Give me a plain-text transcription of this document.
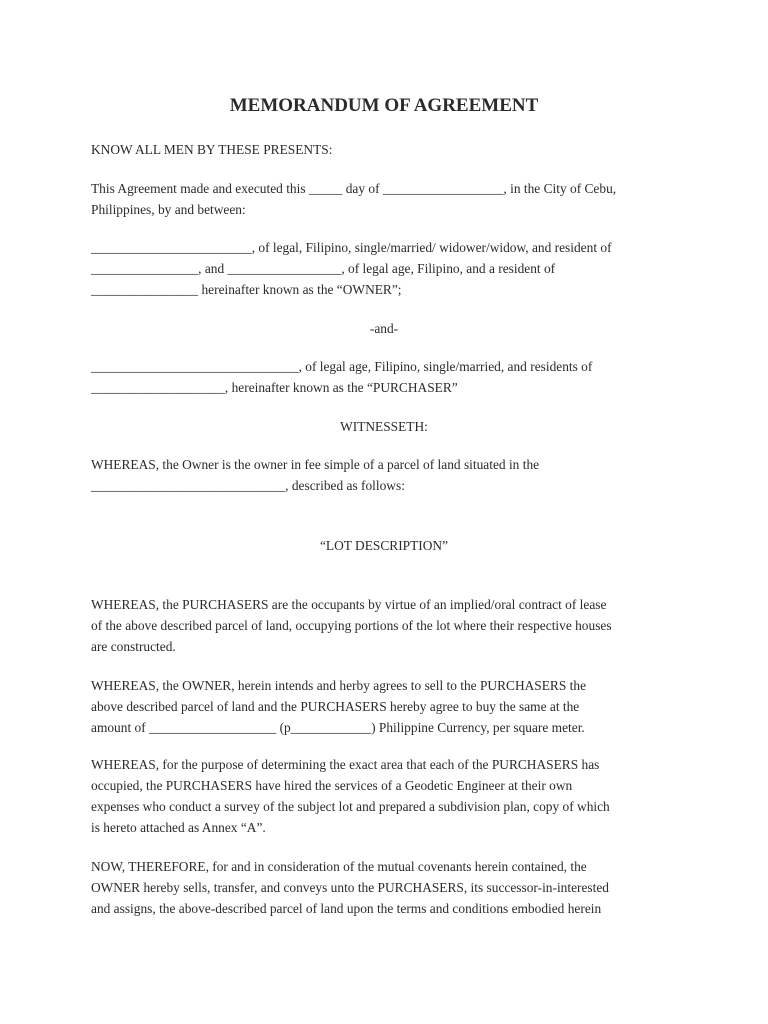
MEMORANDUM OF AGREEMENT

KNOW ALL MEN BY THESE PRESENTS:

This Agreement made and executed this _____ day of __________________, in the City of Cebu,
Philippines, by and between:

________________________, of legal, Filipino, single/married/ widower/widow, and resident of
________________, and _________________, of legal age, Filipino, and a resident of
________________ hereinafter known as the “OWNER”;

-and-

_______________________________, of legal age, Filipino, single/married, and residents of
____________________, hereinafter known as the “PURCHASER”

WITNESSETH:

WHEREAS, the Owner is the owner in fee simple of a parcel of land situated in the
_____________________________, described as follows:

“LOT DESCRIPTION”

WHEREAS, the PURCHASERS are the occupants by virtue of an implied/oral contract of lease
of the above described parcel of land, occupying portions of the lot where their respective houses
are constructed.

WHEREAS, the OWNER, herein intends and herby agrees to sell to the PURCHASERS the
above described parcel of land and the PURCHASERS hereby agree to buy the same at the
amount of ___________________ (p____________) Philippine Currency, per square meter.

WHEREAS, for the purpose of determining the exact area that each of the PURCHASERS has
occupied, the PURCHASERS have hired the services of a Geodetic Engineer at their own
expenses who conduct a survey of the subject lot and prepared a subdivision plan, copy of which
is hereto attached as Annex “A”.

NOW, THEREFORE, for and in consideration of the mutual covenants herein contained, the
OWNER hereby sells, transfer, and conveys unto the PURCHASERS, its successor-in-interested
and assigns, the above-described parcel of land upon the terms and conditions embodied herein
